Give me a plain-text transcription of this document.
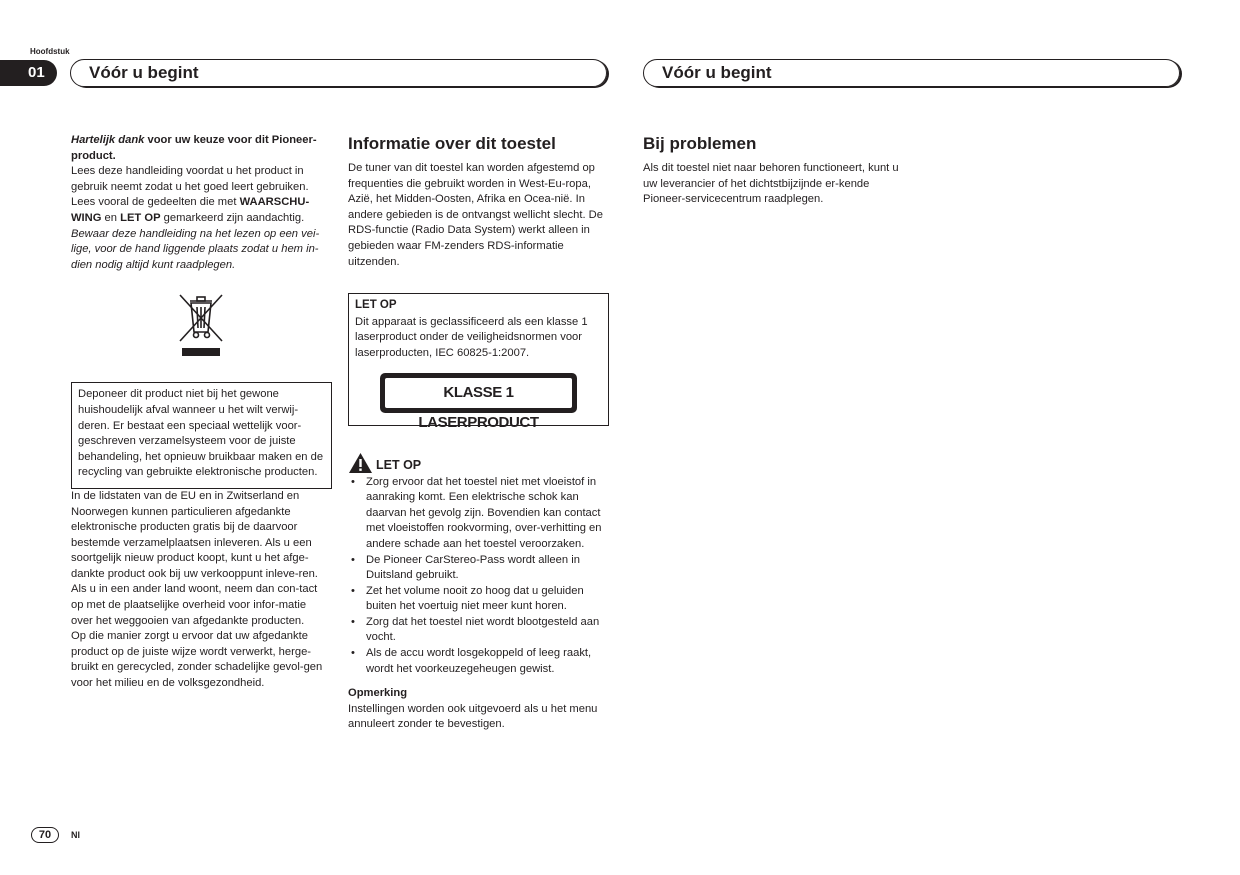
Hoofdstuk
01	Vóór u begint	Vóór u begint

Hartelijk dank voor uw keuze voor dit Pioneer-product.

Lees deze handleiding voordat u het product in gebruik neemt zodat u het goed leert gebruiken. Lees vooral de gedeelten die met WAARSCHU-WING en LET OP gemarkeerd zijn aandachtig.

Bewaar deze handleiding na het lezen op een vei-lige, voor de hand liggende plaats zodat u hem in-dien nodig altijd kunt raadplegen.

Deponeer dit product niet bij het gewone huishoudelijk afval wanneer u het wilt verwij-deren. Er bestaat een speciaal wettelijk voor-geschreven verzamelsysteem voor de juiste behandeling, het opnieuw bruikbaar maken en de recycling van gebruikte elektronische producten.

In de lidstaten van de EU en in Zwitserland en Noorwegen kunnen particulieren afgedankte elektronische producten gratis bij de daarvoor bestemde verzamelplaatsen inleveren. Als u een soortgelijk nieuw product koopt, kunt u het afge-dankte product ook bij uw verkooppunt inleve-ren.

Als u in een ander land woont, neem dan con-tact op met de plaatselijke overheid voor infor-matie over het weggooien van afgedankte producten.

Op die manier zorgt u ervoor dat uw afgedankte product op de juiste wijze wordt verwerkt, herge-bruikt en gerecycled, zonder schadelijke gevol-gen voor het milieu en de volksgezondheid.

Informatie over dit toestel

De tuner van dit toestel kan worden afgestemd op frequenties die gebruikt worden in West-Eu-ropa, Azië, het Midden-Oosten, Afrika en Ocea-nië. In andere gebieden is de ontvangst wellicht slecht. De RDS-functie (Radio Data System) werkt alleen in gebieden waar FM-zenders RDS-informatie uitzenden.

LET OP

Dit apparaat is geclassificeerd als een klasse 1 laserproduct onder de veiligheidsnormen voor laserproducten, IEC 60825-1:2007.

KLASSE 1 LASERPRODUCT
LET OP
• Zorg ervoor dat het toestel niet met vloeistof in aanraking komt. Een elektrische schok kan daarvan het gevolg zijn. Bovendien kan contact met vloeistoffen rookvorming, over-verhitting en andere schade aan het toestel veroorzaken.
• De Pioneer CarStereo-Pass wordt alleen in Duitsland gebruikt.
• Zet het volume nooit zo hoog dat u geluiden buiten het voertuig niet meer kunt horen.
• Zorg dat het toestel niet wordt blootgesteld aan vocht.
• Als de accu wordt losgekoppeld of leeg raakt, wordt het voorkeuzegeheugen gewist.
Opmerking

Instellingen worden ook uitgevoerd als u het menu annuleert zonder te bevestigen.

Bij problemen

Als dit toestel niet naar behoren functioneert, kunt u uw leverancier of het dichtstbijzijnde er-kende Pioneer-servicecentrum raadplegen.

70	Nl
